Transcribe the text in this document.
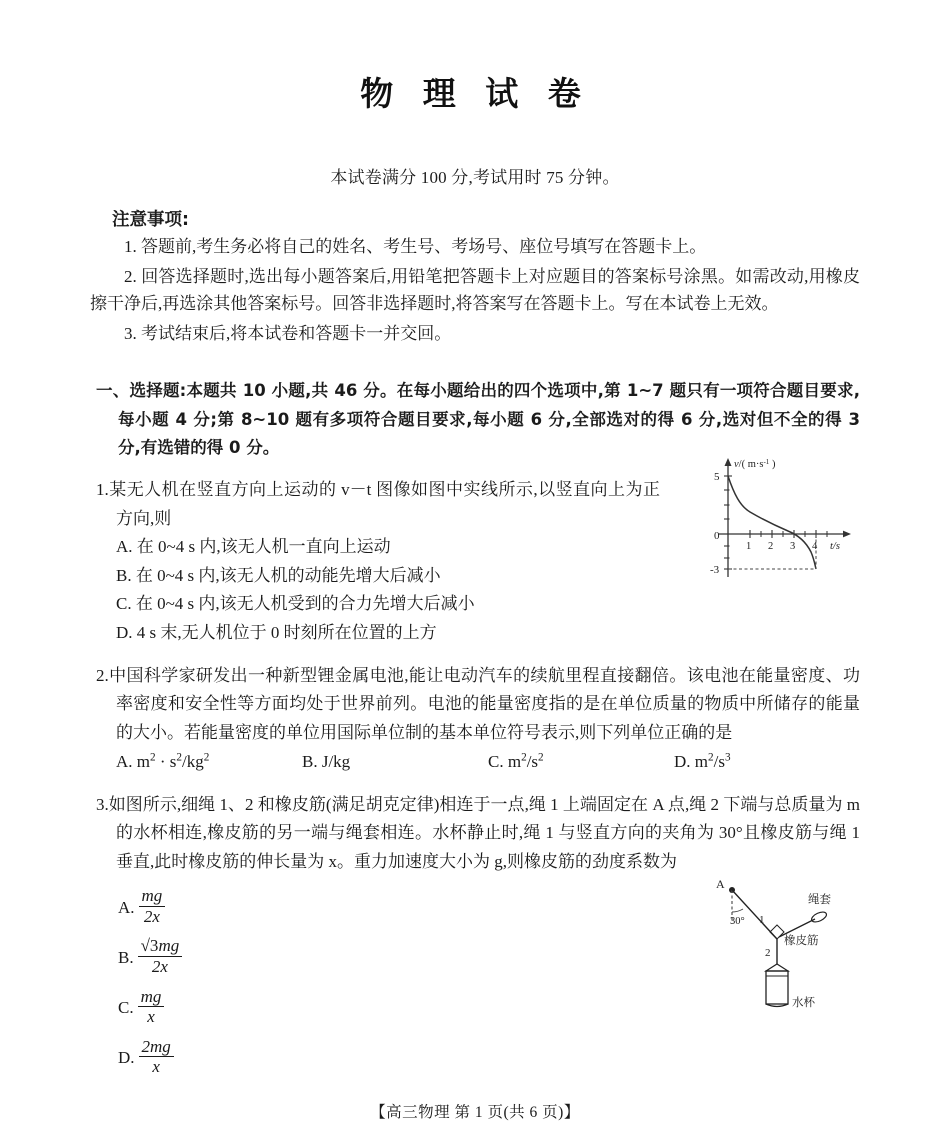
物 理 试 卷
本试卷满分 100 分,考试用时 75 分钟。
注意事项:
1. 答题前,考生务必将自己的姓名、考生号、考场号、座位号填写在答题卡上。
2. 回答选择题时,选出每小题答案后,用铅笔把答题卡上对应题目的答案标号涂黑。如需改动,用橡皮擦干净后,再选涂其他答案标号。回答非选择题时,将答案写在答题卡上。写在本试卷上无效。
3. 考试结束后,将本试卷和答题卡一并交回。
一、选择题:本题共 10 小题,共 46 分。在每小题给出的四个选项中,第 1~7 题只有一项符合题目要求,每小题 4 分;第 8~10 题有多项符合题目要求,每小题 6 分,全部选对的得 6 分,选对但不全的得 3 分,有选错的得 0 分。
1.某无人机在竖直方向上运动的 v－t 图像如图中实线所示,以竖直向上为正方向,则
A. 在 0~4 s 内,该无人机一直向上运动
B. 在 0~4 s 内,该无人机的动能先增大后减小
C. 在 0~4 s 内,该无人机受到的合力先增大后减小
D. 4 s 末,无人机位于 0 时刻所在位置的上方
2.中国科学家研发出一种新型锂金属电池,能让电动汽车的续航里程直接翻倍。该电池在能量密度、功率密度和安全性等方面均处于世界前列。电池的能量密度指的是在单位质量的物质中所储存的能量的大小。若能量密度的单位用国际单位制的基本单位符号表示,则下列单位正确的是
A. $m^2 \cdot s^2/kg^2$	B. J/kg	C. $m^2/s^2$	D. $m^2/s^3$
3.如图所示,细绳 1、2 和橡皮筋(满足胡克定律)相连于一点,绳 1 上端固定在 A 点,绳 2 下端与总质量为 m 的水杯相连,橡皮筋的另一端与绳套相连。水杯静止时,绳 1 与竖直方向的夹角为 30°且橡皮筋与绳 1 垂直,此时橡皮筋的伸长量为 x。重力加速度大小为 g,则橡皮筋的劲度系数为
A. $\frac{mg}{2x}$
B. $\frac{√3mg}{2x}$
C. $\frac{mg}{x}$
D. $\frac{2mg}{x}$
5
0
-3
1 2 3 4
v/( $m\cdot s^{-1}$ )
t/s
A
30° 1
绳套
橡皮筋
2
水杯
【高三物理 第 1 页(共 6 页)】
